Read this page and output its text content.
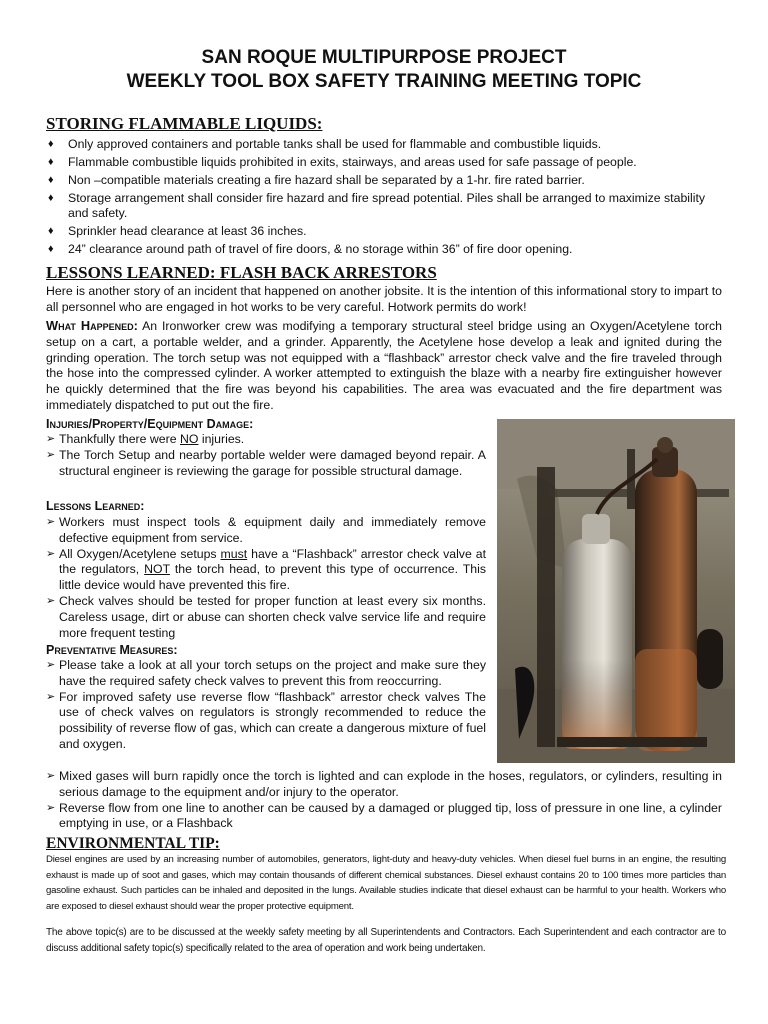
SAN ROQUE MULTIPURPOSE PROJECT
WEEKLY TOOL BOX SAFETY TRAINING MEETING TOPIC
STORING FLAMMABLE LIQUIDS:
♦ Only approved containers and portable tanks shall be used for flammable and combustible liquids.
♦ Flammable combustible liquids prohibited in exits, stairways, and areas used for safe passage of people.
♦ Non –compatible materials creating a fire hazard shall be separated by a 1-hr. fire rated barrier.
♦ Storage arrangement shall consider fire hazard and fire spread potential. Piles shall be arranged to maximize stability and safety.
♦ Sprinkler head clearance at least 36 inches.
♦ 24” clearance around path of travel of fire doors, & no storage within 36” of fire door opening.
LESSONS LEARNED: FLASH BACK ARRESTORS

Here is another story of an incident that happened on another jobsite. It is the intention of this informational story to impart to all personnel who are engaged in hot works to be very careful. Hotwork permits do work!

What Happened: An Ironworker crew was modifying a temporary structural steel bridge using an Oxygen/Acetylene torch setup on a cart, a portable welder, and a grinder. Apparently, the Acetylene hose develop a leak and ignited during the grinding operation. The torch setup was not equipped with a “flashback” arrestor check valve and the fire traveled through the hose into the compressed cylinder. A worker attempted to extinguish the blaze with a nearby fire extinguisher however he quickly determined that the fire was beyond his capabilities. The area was evacuated and the fire department was immediately dispatched to put out the fire.

Injuries/Property/Equipment Damage:
➢ Thankfully there were NO injuries.
➢ The Torch Setup and nearby portable welder were damaged beyond repair. A structural engineer is reviewing the garage for possible structural damage.
Lessons Learned:
➢ Workers must inspect tools & equipment daily and immediately remove defective equipment from service.
➢ All Oxygen/Acetylene setups must have a “Flashback” arrestor check valve at the regulators, NOT the torch head, to prevent this type of occurrence. This little device would have prevented this fire.
➢ Check valves should be tested for proper function at least every six months. Careless usage, dirt or abuse can shorten check valve service life and require more frequent testing
Preventative Measures:
➢ Please take a look at all your torch setups on the project and make sure they have the required safety check valves to prevent this from reoccurring.
➢ For improved safety use reverse flow “flashback” arrestor check valves The use of check valves on regulators is strongly recommended to reduce the possibility of reverse flow of gas, which can create a dangerous mixture of fuel and oxygen.
➢ Mixed gases will burn rapidly once the torch is lighted and can explode in the hoses, regulators, or cylinders, resulting in serious damage to the equipment and/or injury to the operator.
➢ Reverse flow from one line to another can be caused by a damaged or plugged tip, loss of pressure in one line, a cylinder emptying in use, or a Flashback
ENVIRONMENTAL TIP:

Diesel engines are used by an increasing number of automobiles, generators, light-duty and heavy-duty vehicles. When diesel fuel burns in an engine, the resulting exhaust is made up of soot and gases, which may contain thousands of different chemical substances. Diesel exhaust contains 20 to 100 times more particles than gasoline exhaust. Such particles can be inhaled and deposited in the lungs. Available studies indicate that diesel exhaust can be harmful to your health. Workers who are exposed to diesel exhaust should wear the proper protective equipment.

The above topic(s) are to be discussed at the weekly safety meeting by all Superintendents and Contractors. Each Superintendent and each contractor are to discuss additional safety topic(s) specifically related to the area of operation and work being undertaken.
